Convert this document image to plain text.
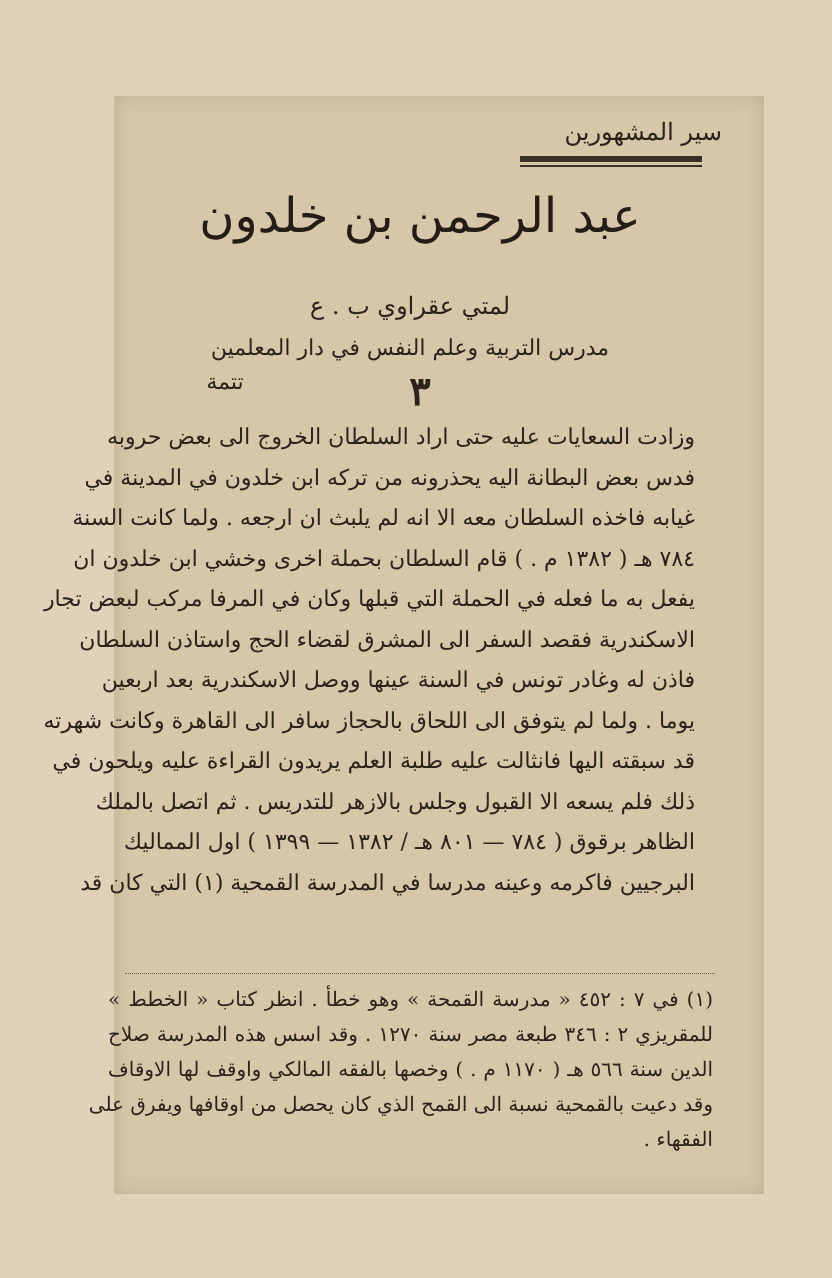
سير المشهورين
عبد الرحمن بن خلدون
لمتي عقراوي ب . ع
مدرس التربية وعلم النفس في دار المعلمين
٣
تتمة
وزادت السعايات عليه حتى اراد السلطان الخروج الى بعض حروبه
فدس بعض البطانة اليه يحذرونه من تركه ابن خلدون في المدينة في
غيابه فاخذه السلطان معه الا انه لم يلبث ان ارجعه . ولما كانت السنة
٧٨٤ هـ ( ١٣٨٢ م . ) قام السلطان بحملة اخرى وخشي ابن خلدون ان
يفعل به ما فعله في الحملة التي قبلها وكان في المرفا مركب لبعض تجار
الاسكندرية فقصد السفر الى المشرق لقضاء الحج واستاذن السلطان
فاذن له وغادر تونس في السنة عينها ووصل الاسكندرية بعد اربعين
يوما . ولما لم يتوفق الى اللحاق بالحجاز سافر الى القاهرة وكانت شهرته
قد سبقته اليها فانثالت عليه طلبة العلم يريدون القراءة عليه ويلحون في
ذلك فلم يسعه الا القبول وجلس بالازهر للتدريس . ثم اتصل بالملك
الظاهر برقوق ( ٧٨٤ — ٨٠١ هـ / ١٣٨٢ — ١٣٩٩ ) اول المماليك
البرجيين فاكرمه وعينه مدرسا في المدرسة القمحية (١) التي كان قد
(١) في ٧ : ٤٥٢ « مدرسة القمحة » وهو خطأ . انظر كتاب « الخطط »
للمقريزي ٢ : ٣٤٦ طبعة مصر سنة ١٢٧٠ . وقد اسس هذه المدرسة صلاح
الدين سنة ٥٦٦ هـ ( ١١٧٠ م . ) وخصها بالفقه المالكي واوقف لها الاوقاف
وقد دعيت بالقمحية نسبة الى القمح الذي كان يحصل من اوقافها ويفرق على
الفقهاء .
